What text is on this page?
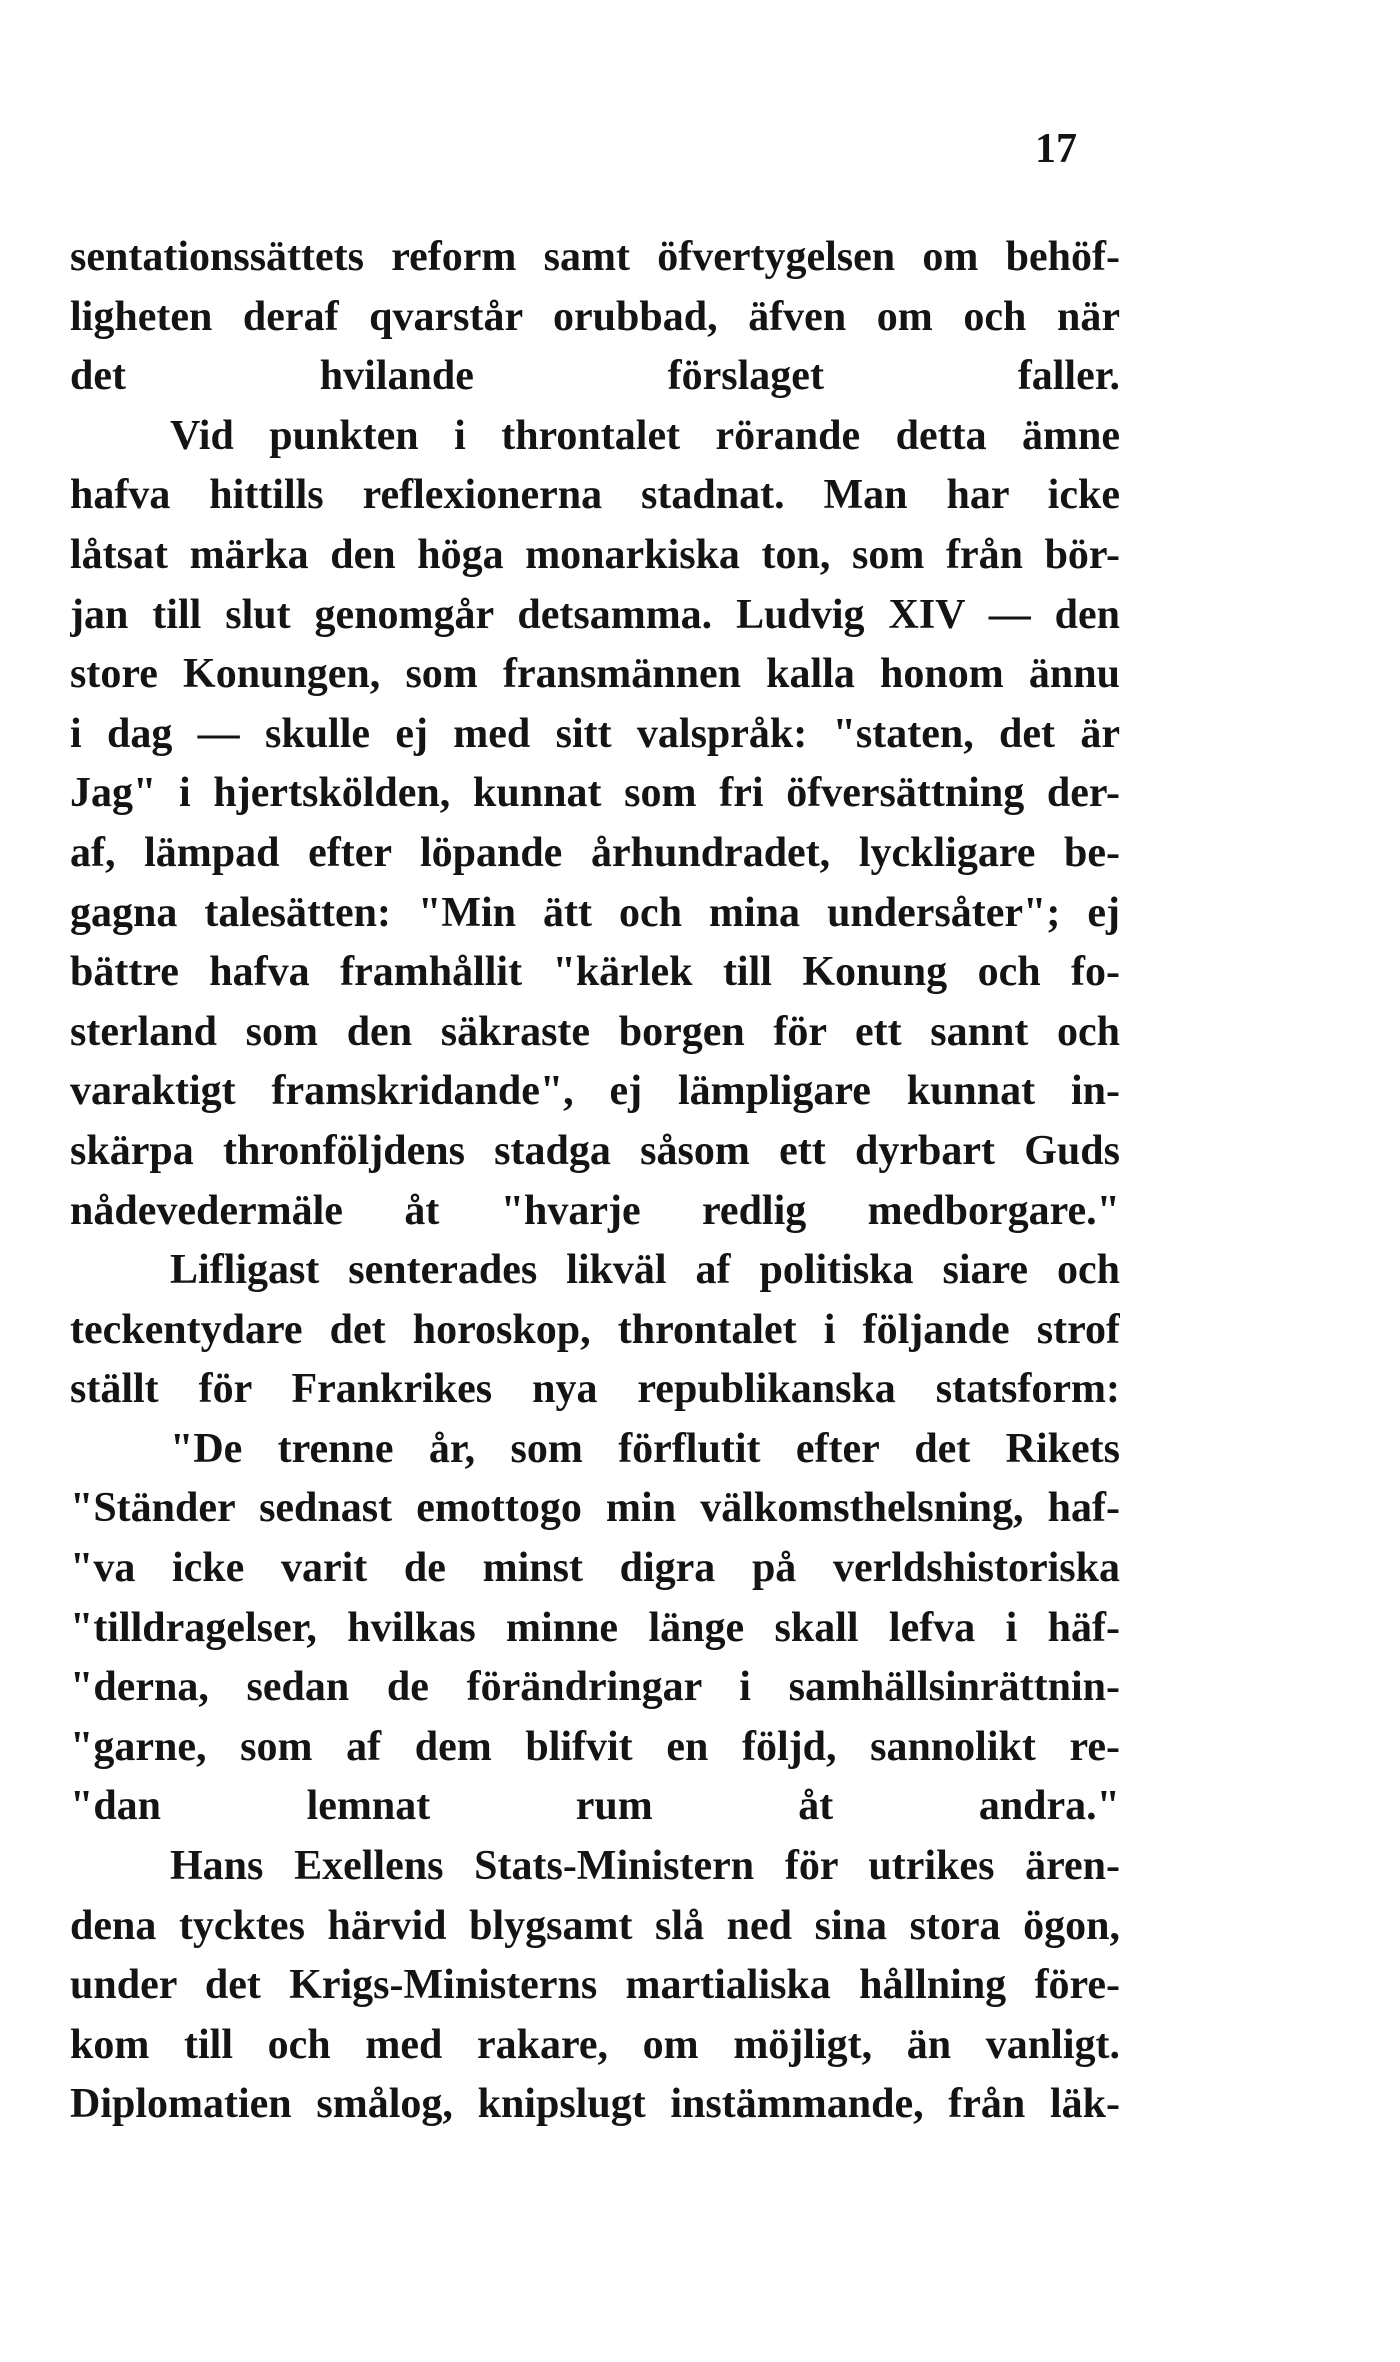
17
sentationssättets reform samt öfvertygelsen om behöf-
ligheten deraf qvarstår orubbad, äfven om och när
det hvilande förslaget faller.
Vid punkten i throntalet rörande detta ämne
hafva hittills reflexionerna stadnat. Man har icke
låtsat märka den höga monarkiska ton, som från bör-
jan till slut genomgår detsamma. Ludvig XIV — den
store Konungen, som fransmännen kalla honom ännu
i dag — skulle ej med sitt valspråk: "staten, det är
Jag" i hjertskölden, kunnat som fri öfversättning der-
af, lämpad efter löpande århundradet, lyckligare be-
gagna talesätten: "Min ätt och mina undersåter"; ej
bättre hafva framhållit "kärlek till Konung och fo-
sterland som den säkraste borgen för ett sannt och
varaktigt framskridande", ej lämpligare kunnat in-
skärpa thronföljdens stadga såsom ett dyrbart Guds
nådevedermäle åt "hvarje redlig medborgare."
Lifligast senterades likväl af politiska siare och
teckentydare det horoskop, throntalet i följande strof
ställt för Frankrikes nya republikanska statsform:
"De trenne år, som förflutit efter det Rikets
"Ständer sednast emottogo min välkomsthelsning, haf-
"va icke varit de minst digra på verldshistoriska
"tilldragelser, hvilkas minne länge skall lefva i häf-
"derna, sedan de förändringar i samhällsinrättnin-
"garne, som af dem blifvit en följd, sannolikt re-
"dan lemnat rum åt andra."
Hans Exellens Stats-Ministern för utrikes ären-
dena tycktes härvid blygsamt slå ned sina stora ögon,
under det Krigs-Ministerns martialiska hållning före-
kom till och med rakare, om möjligt, än vanligt.
Diplomatien smålog, knipslugt instämmande, från läk-
